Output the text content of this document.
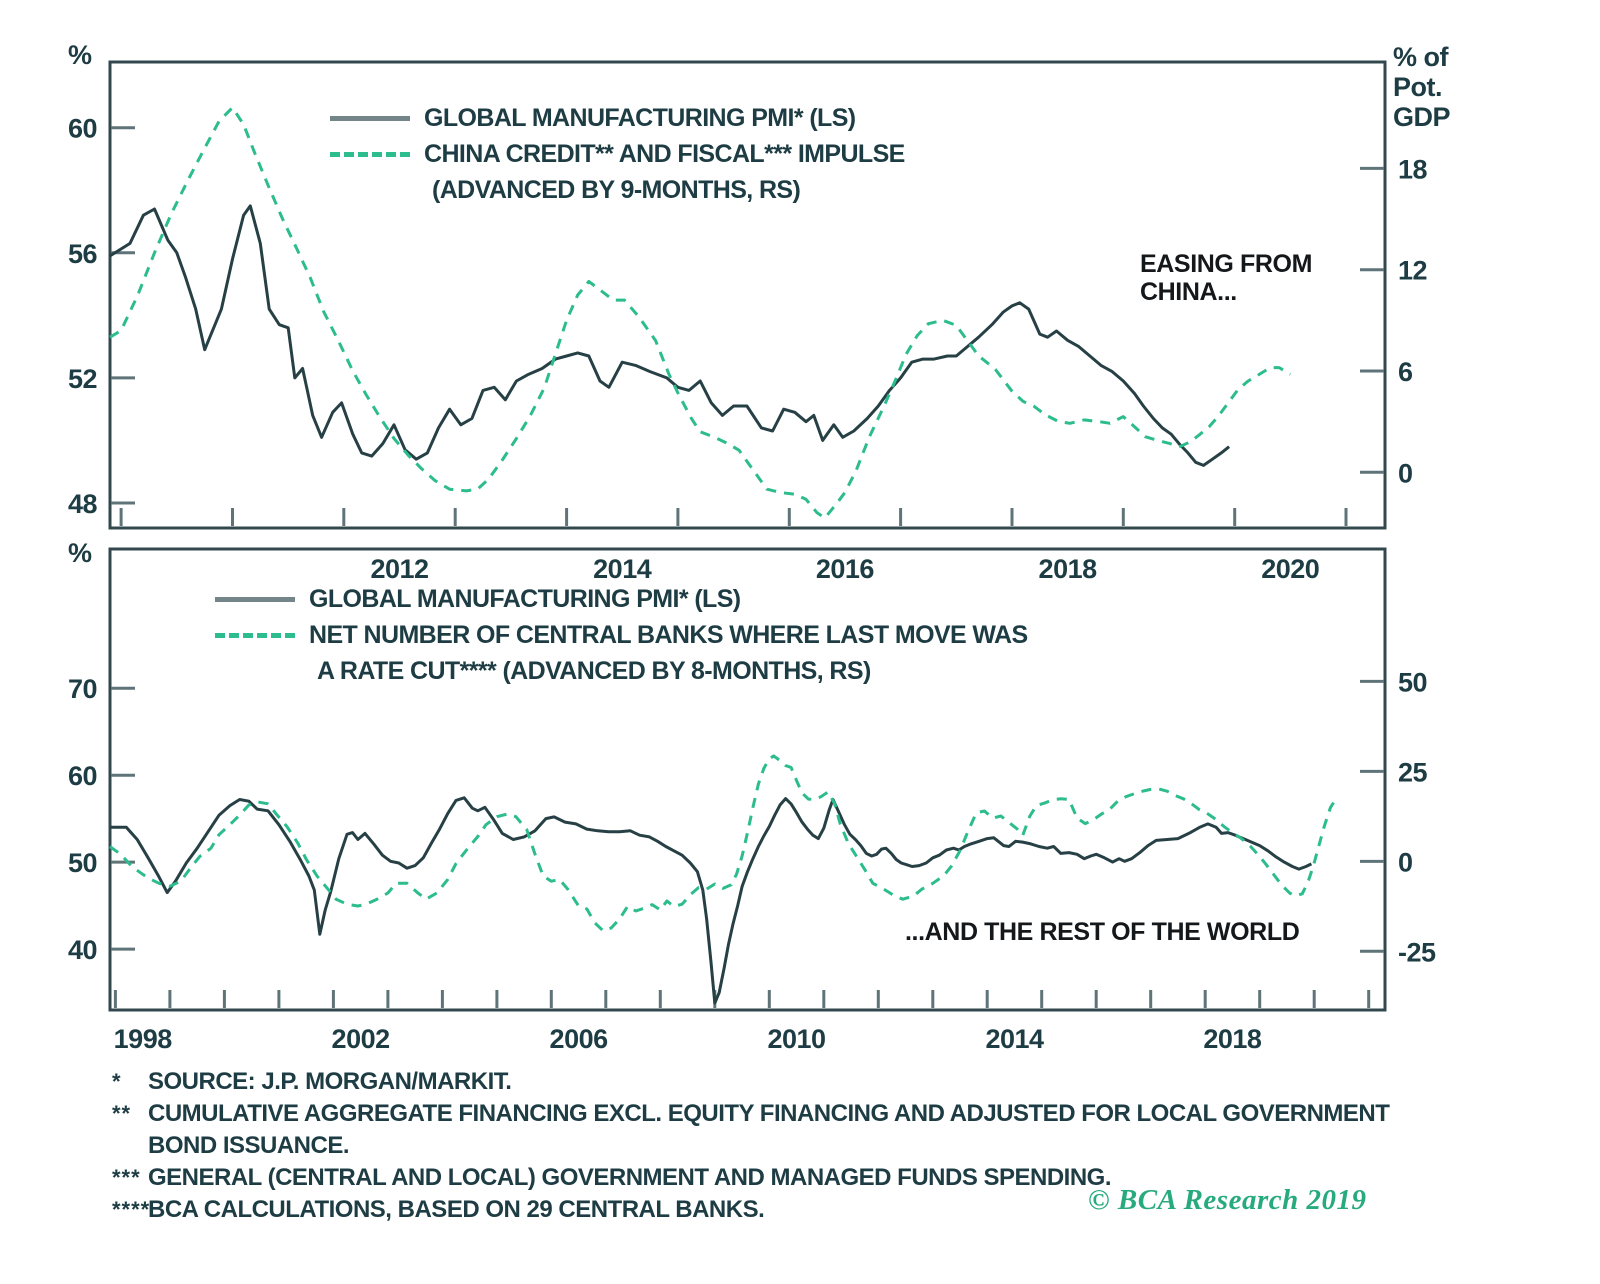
2012	2014	2016	2018	2020
48
52
56
60
0
6
12
18
1998	2002	2006	2010	2014	2018
40
50
60
70
-25
0
25
50
%	% of
Pot.
GDP
GLOBAL MANUFACTURING PMI* (LS)
CHINA CREDIT** AND FISCAL*** IMPULSE
(ADVANCED BY 9-MONTHS, RS)
EASING FROM
CHINA...
%
GLOBAL MANUFACTURING PMI* (LS)
NET NUMBER OF CENTRAL BANKS WHERE LAST MOVE WAS
A RATE CUT**** (ADVANCED BY 8-MONTHS, RS)
...AND THE REST OF THE WORLD
*	SOURCE: J.P. MORGAN/MARKIT.
** CUMULATIVE AGGREGATE FINANCING EXCL. EQUITY FINANCING AND ADJUSTED FOR LOCAL GOVERNMENT
BOND ISSUANCE.
*** GENERAL (CENTRAL AND LOCAL) GOVERNMENT AND MANAGED FUNDS SPENDING.
****
BCA CALCULATIONS, BASED ON 29 CENTRAL BANKS.	© BCA Research 2019
